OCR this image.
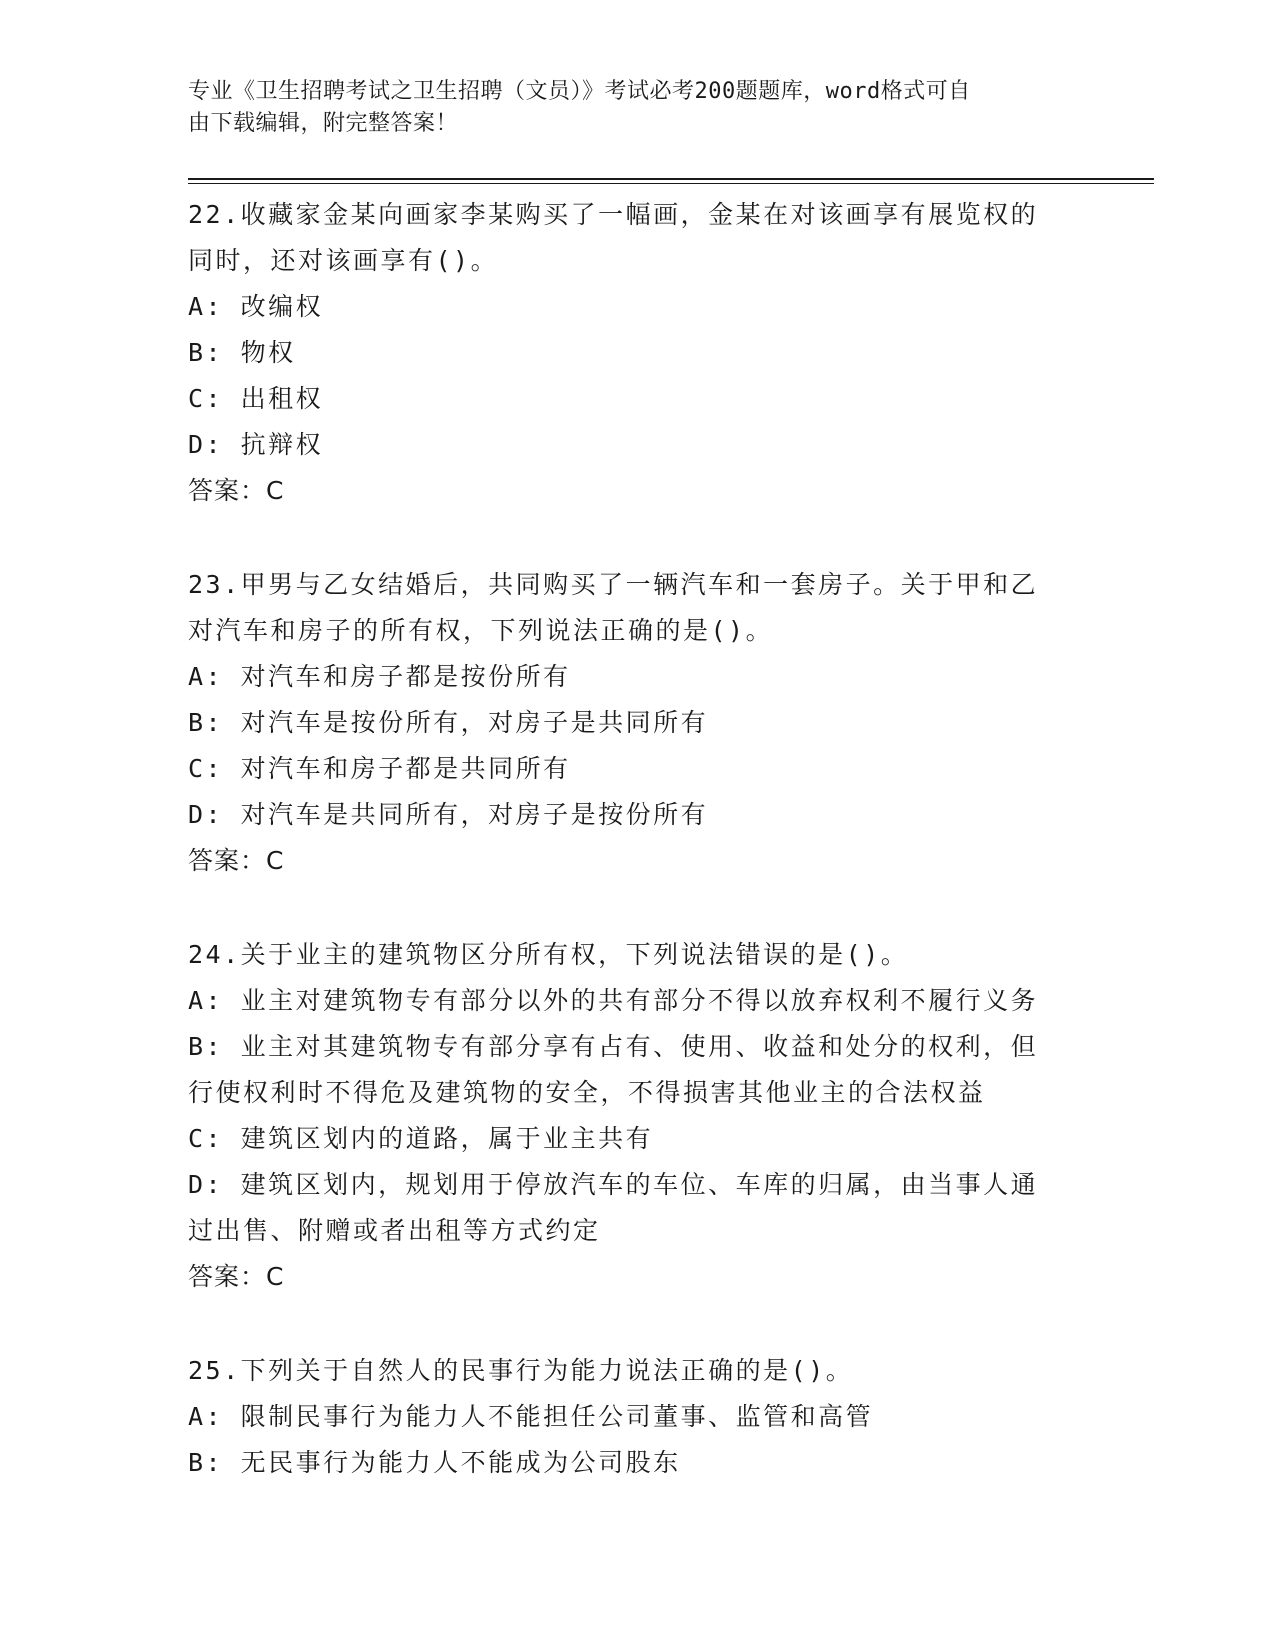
专业《卫生招聘考试之卫生招聘（文员）》考试必考200题题库，word格式可自
由下载编辑，附完整答案！
22.收藏家金某向画家李某购买了一幅画，金某在对该画享有展览权的
同时，还对该画享有()。
A: 改编权
B: 物权
C: 出租权
D: 抗辩权
答案：C
23.甲男与乙女结婚后，共同购买了一辆汽车和一套房子。关于甲和乙
对汽车和房子的所有权，下列说法正确的是()。
A: 对汽车和房子都是按份所有
B: 对汽车是按份所有，对房子是共同所有
C: 对汽车和房子都是共同所有
D: 对汽车是共同所有，对房子是按份所有
答案：C
24.关于业主的建筑物区分所有权，下列说法错误的是()。
A: 业主对建筑物专有部分以外的共有部分不得以放弃权利不履行义务
B: 业主对其建筑物专有部分享有占有、使用、收益和处分的权利，但
行使权利时不得危及建筑物的安全，不得损害其他业主的合法权益
C: 建筑区划内的道路，属于业主共有
D: 建筑区划内，规划用于停放汽车的车位、车库的归属，由当事人通
过出售、附赠或者出租等方式约定
答案：C
25.下列关于自然人的民事行为能力说法正确的是()。
A: 限制民事行为能力人不能担任公司董事、监管和高管
B: 无民事行为能力人不能成为公司股东
